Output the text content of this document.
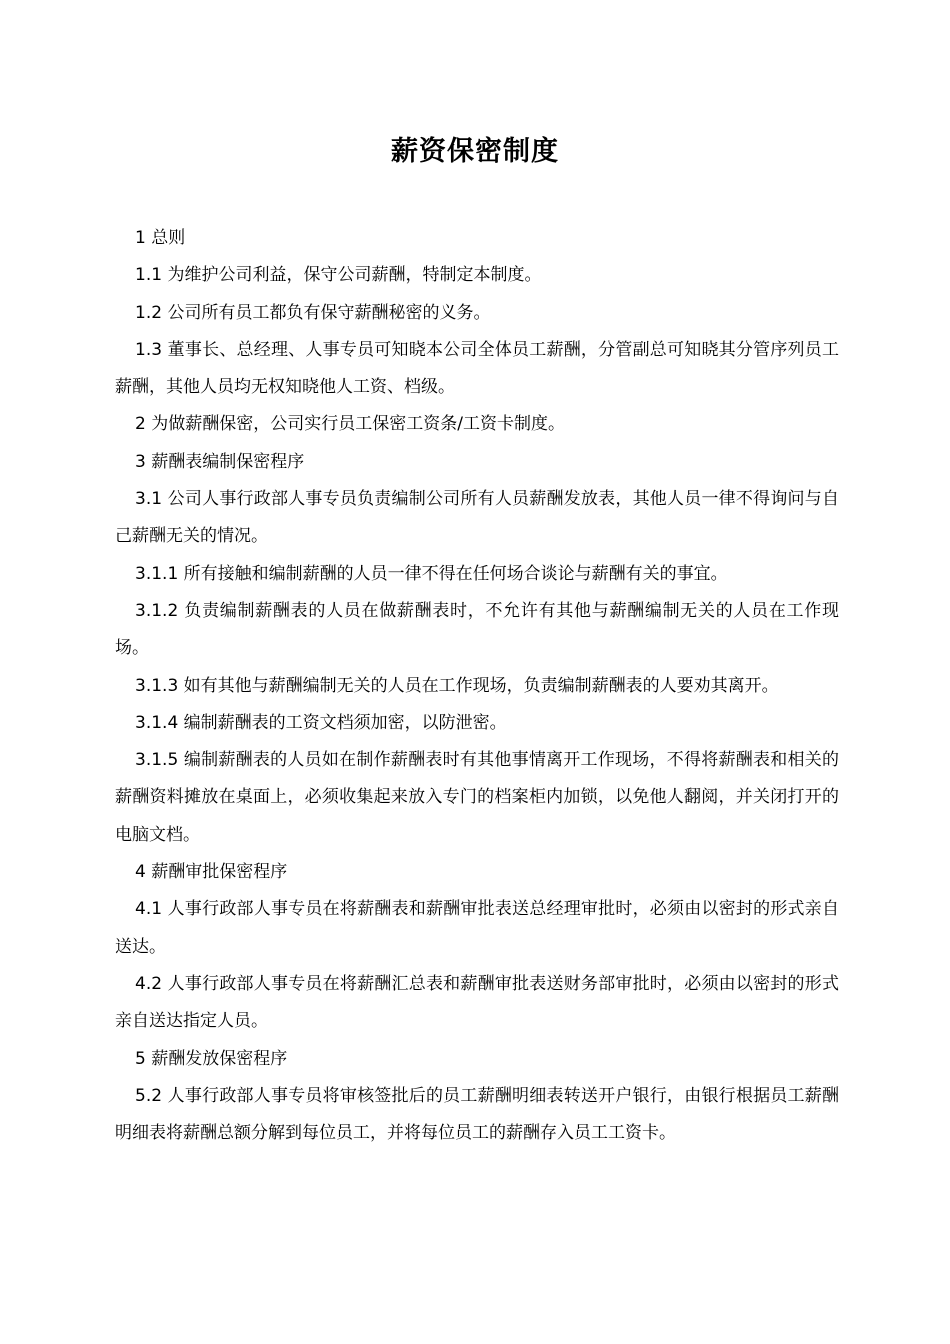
薪资保密制度

1 总则

1.1 为维护公司利益，保守公司薪酬，特制定本制度。

1.2 公司所有员工都负有保守薪酬秘密的义务。

1.3 董事长、总经理、人事专员可知晓本公司全体员工薪酬，分管副总可知晓其分管序列员工薪酬，其他人员均无权知晓他人工资、档级。

2 为做薪酬保密，公司实行员工保密工资条/工资卡制度。

3 薪酬表编制保密程序

3.1 公司人事行政部人事专员负责编制公司所有人员薪酬发放表，其他人员一律不得询问与自己薪酬无关的情况。

3.1.1 所有接触和编制薪酬的人员一律不得在任何场合谈论与薪酬有关的事宜。

3.1.2 负责编制薪酬表的人员在做薪酬表时，不允许有其他与薪酬编制无关的人员在工作现场。

3.1.3 如有其他与薪酬编制无关的人员在工作现场，负责编制薪酬表的人要劝其离开。

3.1.4 编制薪酬表的工资文档须加密，以防泄密。

3.1.5 编制薪酬表的人员如在制作薪酬表时有其他事情离开工作现场，不得将薪酬表和相关的薪酬资料摊放在桌面上，必须收集起来放入专门的档案柜内加锁，以免他人翻阅，并关闭打开的电脑文档。

4 薪酬审批保密程序

4.1 人事行政部人事专员在将薪酬表和薪酬审批表送总经理审批时，必须由以密封的形式亲自送达。

4.2 人事行政部人事专员在将薪酬汇总表和薪酬审批表送财务部审批时，必须由以密封的形式亲自送达指定人员。

5 薪酬发放保密程序

5.2 人事行政部人事专员将审核签批后的员工薪酬明细表转送开户银行，由银行根据员工薪酬明细表将薪酬总额分解到每位员工，并将每位员工的薪酬存入员工工资卡。
